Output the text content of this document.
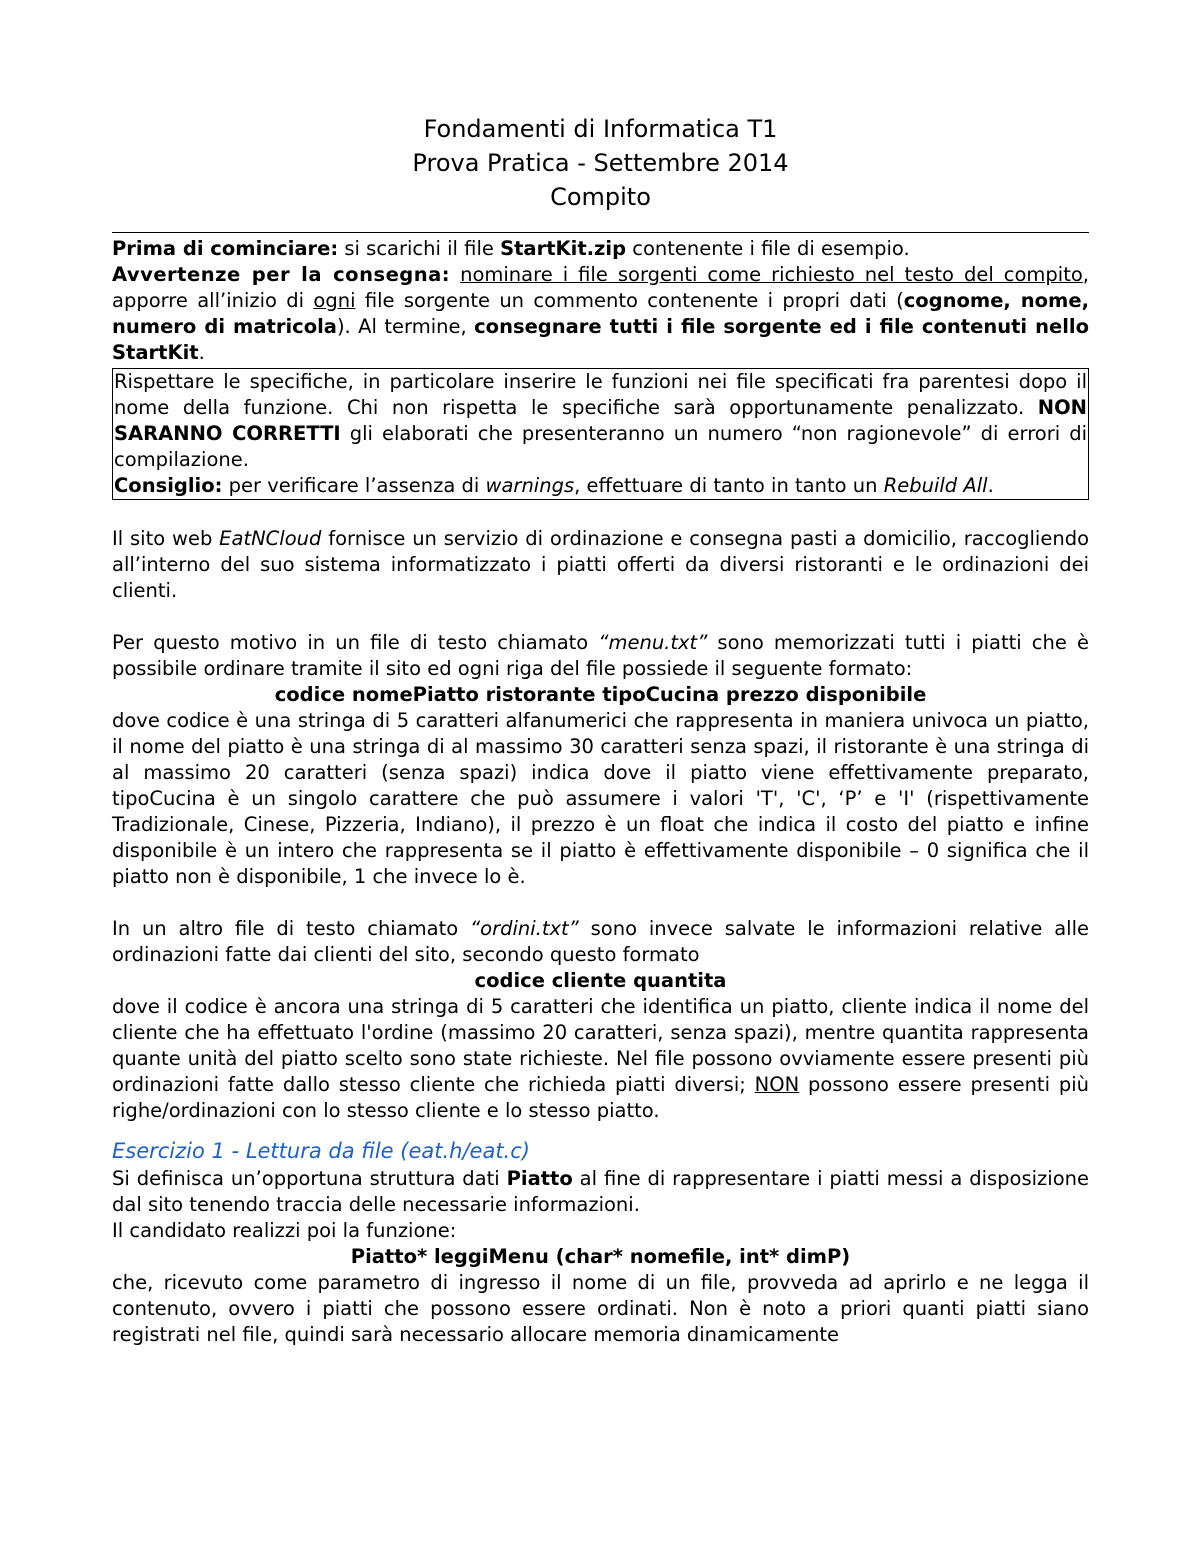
Fondamenti di Informatica T1

Prova Pratica - Settembre 2014

Compito

Prima di cominciare: si scarichi il file StartKit.zip contenente i file di esempio.

Avvertenze per la consegna: nominare i file sorgenti come richiesto nel testo del compito, apporre all’inizio di ogni file sorgente un commento contenente i propri dati (cognome, nome, numero di matricola). Al termine, consegnare tutti i file sorgente ed i file contenuti nello StartKit.

Rispettare le specifiche, in particolare inserire le funzioni nei file specificati fra parentesi dopo il nome della funzione. Chi non rispetta le specifiche sarà opportunamente penalizzato. NON SARANNO CORRETTI gli elaborati che presenteranno un numero “non ragionevole” di errori di compilazione.

Consiglio: per verificare l’assenza di warnings, effettuare di tanto in tanto un Rebuild All.

Il sito web EatNCloud fornisce un servizio di ordinazione e consegna pasti a domicilio, raccogliendo all’interno del suo sistema informatizzato i piatti offerti da diversi ristoranti e le ordinazioni dei clienti.

Per questo motivo in un file di testo chiamato “menu.txt” sono memorizzati tutti i piatti che è possibile ordinare tramite il sito ed ogni riga del file possiede il seguente formato:

codice nomePiatto ristorante tipoCucina prezzo disponibile

dove codice è una stringa di 5 caratteri alfanumerici che rappresenta in maniera univoca un piatto, il nome del piatto è una stringa di al massimo 30 caratteri senza spazi, il ristorante è una stringa di al massimo 20 caratteri (senza spazi) indica dove il piatto viene effettivamente preparato, tipoCucina è un singolo carattere che può assumere i valori 'T', 'C', ‘P’ e 'I' (rispettivamente Tradizionale, Cinese, Pizzeria, Indiano), il prezzo è un float che indica il costo del piatto e infine disponibile è un intero che rappresenta se il piatto è effettivamente disponibile – 0 significa che il piatto non è disponibile, 1 che invece lo è.

In un altro file di testo chiamato “ordini.txt” sono invece salvate le informazioni relative alle ordinazioni fatte dai clienti del sito, secondo questo formato

codice cliente quantita

dove il codice è ancora una stringa di 5 caratteri che identifica un piatto, cliente indica il nome del cliente che ha effettuato l'ordine (massimo 20 caratteri, senza spazi), mentre quantita rappresenta quante unità del piatto scelto sono state richieste. Nel file possono ovviamente essere presenti più ordinazioni fatte dallo stesso cliente che richieda piatti diversi; NON possono essere presenti più righe/ordinazioni con lo stesso cliente e lo stesso piatto.

Esercizio 1 - Lettura da file (eat.h/eat.c)

Si definisca un’opportuna struttura dati Piatto al fine di rappresentare i piatti messi a disposizione dal sito tenendo traccia delle necessarie informazioni.

Il candidato realizzi poi la funzione:

Piatto* leggiMenu (char* nomefile, int* dimP)

che, ricevuto come parametro di ingresso il nome di un file, provveda ad aprirlo e ne legga il contenuto, ovvero i piatti che possono essere ordinati. Non è noto a priori quanti piatti siano registrati nel file, quindi sarà necessario allocare memoria dinamicamente
